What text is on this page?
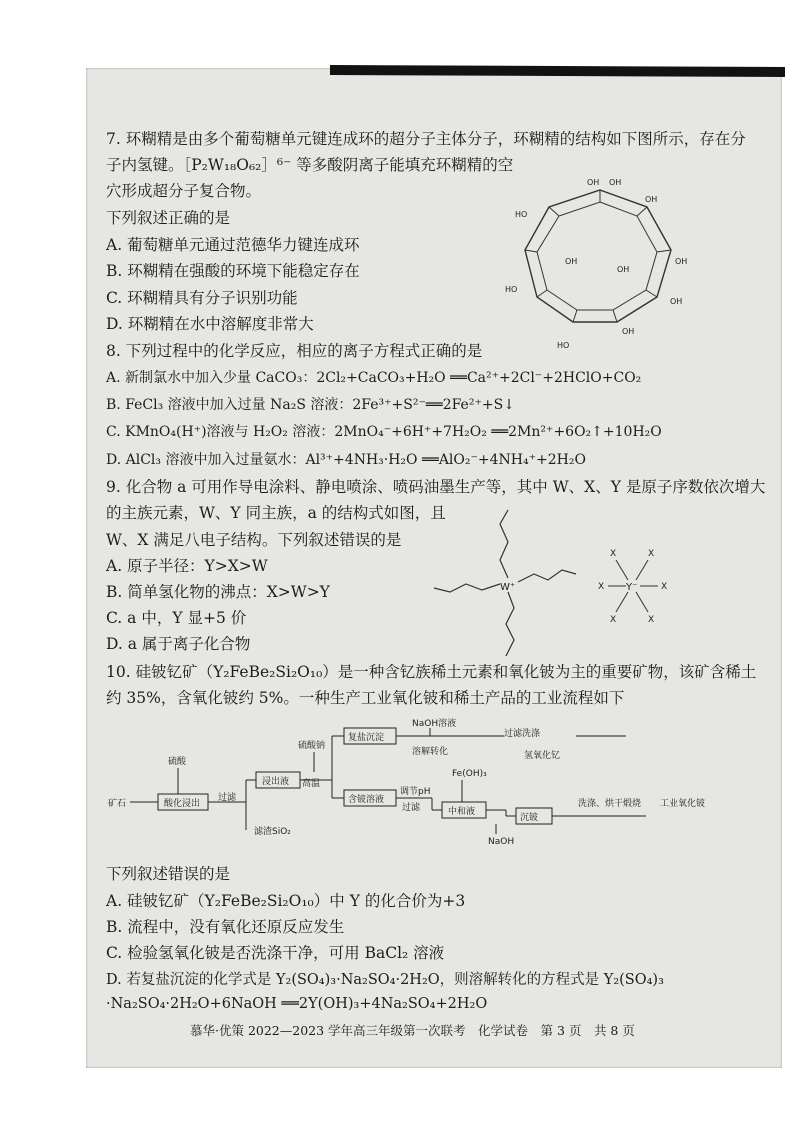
7. 环糊精是由多个葡萄糖单元键连成环的超分子主体分子，环糊精的结构如下图所示，存在分
子内氢键。［P₂W₁₈O₆₂］⁶⁻ 等多酸阴离子能填充环糊精的空
穴形成超分子复合物。
下列叙述正确的是
A. 葡萄糖单元通过范德华力键连成环
B. 环糊精在强酸的环境下能稳定存在
C. 环糊精具有分子识别功能
D. 环糊精在水中溶解度非常大
OH OH
OH
OH
OH
OH
HO
HO
HO
OH
OH
8. 下列过程中的化学反应，相应的离子方程式正确的是
A. 新制氯水中加入少量 CaCO₃：2Cl₂+CaCO₃+H₂O ══Ca²⁺+2Cl⁻+2HClO+CO₂
B. FeCl₃ 溶液中加入过量 Na₂S 溶液：2Fe³⁺+S²⁻══2Fe²⁺+S↓
C. KMnO₄(H⁺)溶液与 H₂O₂ 溶液：2MnO₄⁻+6H⁺+7H₂O₂ ══2Mn²⁺+6O₂↑+10H₂O
D. AlCl₃ 溶液中加入过量氨水：Al³⁺+4NH₃·H₂O ══AlO₂⁻+4NH₄⁺+2H₂O
9. 化合物 a 可用作导电涂料、静电喷涂、喷码油墨生产等，其中 W、X、Y 是原子序数依次增大
的主族元素，W、Y 同主族，a 的结构式如图，且
W、X 满足八电子结构。下列叙述错误的是
A. 原子半径：Y>X>W
B. 简单氢化物的沸点：X>W>Y
C. a 中，Y 显+5 价
D. a 属于离子化合物
W⁺	Y⁻
X	X
X	X
X	X
10. 硅铍钇矿（Y₂FeBe₂Si₂O₁₀）是一种含钇族稀土元素和氧化铍为主的重要矿物，该矿含稀土
约 35%，含氧化铍约 5%。一种生产工业氧化铍和稀土产品的工业流程如下
矿石
硫酸
过滤
滤渣SiO₂
硫酸钠
高温
NaOH溶液
溶解转化
过滤洗涤
氢氧化钇
调节pH
过滤
Fe(OH)₃
NaOH
洗涤、烘干煅烧 工业氧化铍
酸化浸出
浸出液
复盐沉淀
含铍溶液
中和液
沉铍
下列叙述错误的是
A. 硅铍钇矿（Y₂FeBe₂Si₂O₁₀）中 Y 的化合价为+3
B. 流程中，没有氧化还原反应发生
C. 检验氢氧化铍是否洗涤干净，可用 BaCl₂ 溶液
D. 若复盐沉淀的化学式是 Y₂(SO₄)₃·Na₂SO₄·2H₂O，则溶解转化的方程式是 Y₂(SO₄)₃
·Na₂SO₄·2H₂O+6NaOH ══2Y(OH)₃+4Na₂SO₄+2H₂O
慕华·优策 2022—2023 学年高三年级第一次联考　化学试卷　第 3 页　共 8 页
